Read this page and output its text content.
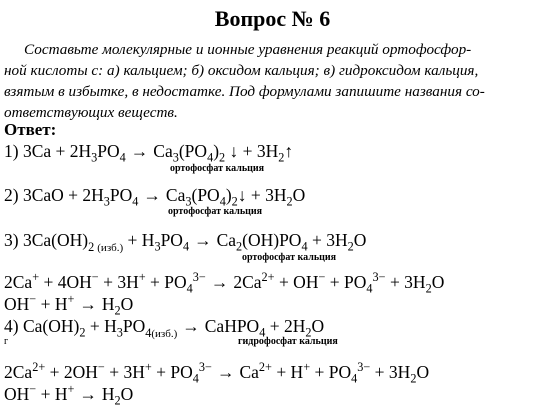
Вопрос № 6
Составьте молекулярные и ионные уравнения реакций ортофосфор-
ной кислоты с: а) кальцием; б) оксидом кальция; в) гидроксидом кальция,
взятым в избытке, в недостатке. Под формулами запишите названия со-
ответствующих веществ.
Ответ:
1) $3Ca + 2H_3PO_4 \to Ca_3(PO_4)_2$ ↓ + $3H_2↑$
ортофосфат кальция
2) $3CaO + 2H_3PO_4$ → $Ca_3(PO_4)_2↓ + 3H_2O$
ортофосфат кальция
3) $3Ca(OH)_{2 (изб.)} + H_3PO_4 \to Ca_2(OH)PO_4 + 3H_2O$
ортофосфат кальция
$2Ca^+ + 4OH^- + 3H^+ + PO_4^{3-} \to 2Ca^{2+} + OH^- + PO_4^{3-} + 3H_2O$
$OH^- + H^+ \to H_2O$
4) $Ca(OH)_2 + H_3PO_{4(изб.)}$ → CaHPO$_4$ + $2H_2O$
г	гидрофосфат кальция
$2Ca^{2+} + 2OH^- + 3H^+ + PO_4^{3-} \to Ca^{2+} + H^+ + PO_4^{3-} + 3H_2O$
$OH^- + H^+ \to H_2O$
